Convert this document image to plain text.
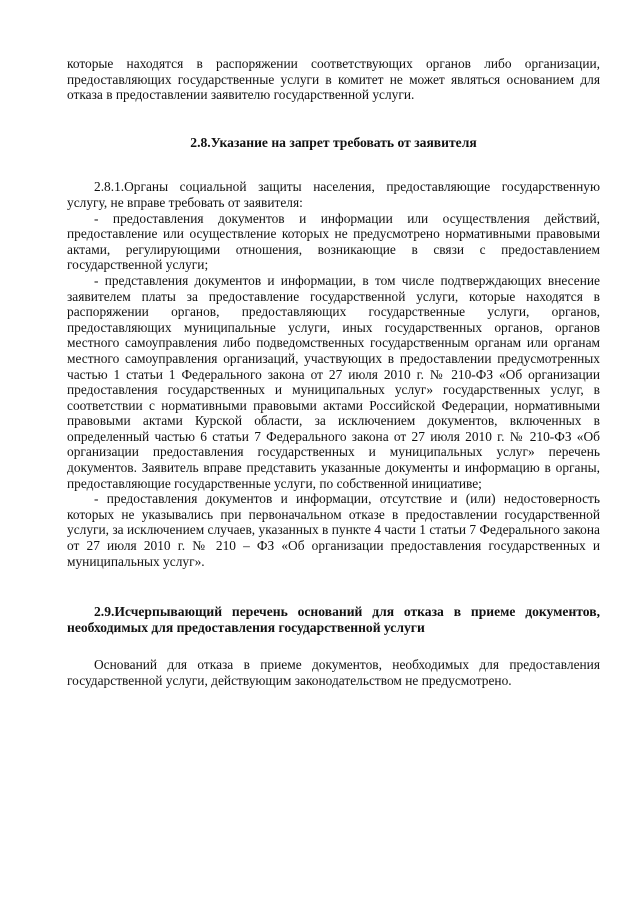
которые находятся в распоряжении соответствующих органов либо организации, предоставляющих государственные услуги в комитет не может являться основанием для отказа в предоставлении заявителю государственной услуги.

2.8.Указание на запрет требовать от заявителя

2.8.1.Органы социальной защиты населения, предоставляющие государственную услугу, не вправе требовать от заявителя:

- предоставления документов и информации или осуществления действий, предоставление или осуществление которых не предусмотрено нормативными правовыми актами, регулирующими отношения, возникающие в связи с предоставлением государственной услуги;

- представления документов и информации, в том числе подтверждающих внесение заявителем платы за предоставление государственной услуги, которые находятся в распоряжении органов, предоставляющих государственные услуги, органов, предоставляющих муниципальные услуги, иных государственных органов, органов местного самоуправления либо подведомственных государственным органам или органам местного самоуправления организаций, участвующих в предоставлении предусмотренных частью 1 статьи 1 Федерального закона от 27 июля 2010 г. № 210-ФЗ «Об организации предоставления государственных и муниципальных услуг» государственных услуг, в соответствии с нормативными правовыми актами Российской Федерации, нормативными правовыми актами Курской области, за исключением документов, включенных в определенный частью 6 статьи 7 Федерального закона от 27 июля 2010 г. № 210-ФЗ «Об организации предоставления государственных и муниципальных услуг» перечень документов. Заявитель вправе представить указанные документы и информацию в органы, предоставляющие государственные услуги, по собственной инициативе;

- предоставления документов и информации, отсутствие и (или) недостоверность которых не указывались при первоначальном отказе в предоставлении государственной услуги, за исключением случаев, указанных в пункте 4 части 1 статьи 7 Федерального закона от 27 июля 2010 г. № 210 – ФЗ «Об организации предоставления государственных и муниципальных услуг».

2.9.Исчерпывающий перечень оснований для отказа в приеме документов, необходимых для предоставления государственной услуги

Оснований для отказа в приеме документов, необходимых для предоставления государственной услуги, действующим законодательством не предусмотрено.
